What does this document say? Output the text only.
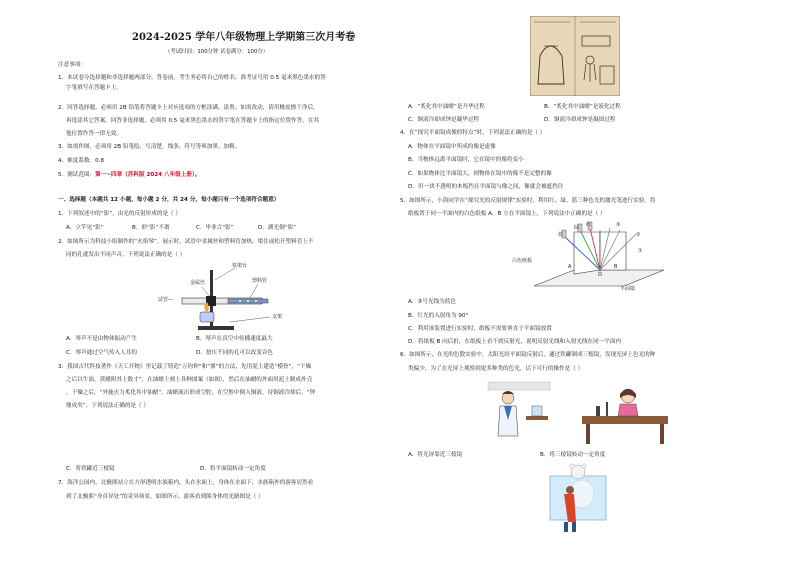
2024-2025 学年八年级物理上学期第三次月考卷
（考试时间：100分钟 试卷满分：100分）
注意事项：
1．本试卷分选择题和非选择题两部分。答卷前，考生务必将自己的姓名、准考证号用 0.5 毫米黑色墨水的签
字笔填写在答题卡上。
2．回答选择题，必须用 2B 铅笔将答题卡上对应选项的方框涂满、涂黑；如需改动，请用橡皮擦干净后，
再选涂其它答案。回答非选择题，必须用 0.5 毫米黑色墨水的签字笔在答题卡上的指定位置作答，在其
他位置作答一律无效。
3．如需作图，必须用 2B 铅笔绘、写清楚，线条、符号等须加黑、加粗。
4．难度系数：0.8
5．测试范围：第一~四章（苏科版 2024 八年级上册）。
一、选择题（本题共 12 小题，每小题 2 分，共 24 分，每小题只有一个选项符合题意）
1．下列叙述中的“影”，由光的反射形成的是（ ）
A．立竿见“影”	B．形“影”不离	C．毕业合“影”	D．湖光倒“影”
2．如图所示为科技小组制作的“火焰琴”。展示时，试管中金属丝和塑料管加热，堵住或松开塑料管上不
同的孔就发出不同声音。下列说法正确的是（ ）
铁架台
金属丝	塑料管
试管—
支架
A．琴声不是由物体振动产生	B．琴声在真空中传播速度最大
C．琴声通过空气传入人耳的	D．按压不同的孔可以改变音色
3．我国古代科技著作《天工开物》里记载了铸造“万钧钟”和“鼎”的方法，先用泥土建造“模骨”，“干燥
之后以牛油、黄蜡附其上数寸”，在油蜡上刻上各种图案（如图），然后在油蜡的外面用泥土制成外壳
。干燥之后，“外施火力炙化其中油蜡”，油蜡流出形成空腔，在空腔中倒入铜液，待铜液冷却后，“钟
鼎成矣”。下列说法正确的是（ ）
C．将铁罐近三棱镜	D．将平面镜转动一定角度
7．海洋公园内，北极熊站立在方形透明水族箱内，头在水面上，身体在水面下，水族箱外的游客居然看
到了北极熊“身首异处”的奇异场景，如图所示。游客看到熊身体的光路图是（ ）
A．“炙化其中油蜡”是升华过程	B．“炙化其中油蜡”是液化过程
C．铜液冷却成钟是凝华过程	D．铜液冷却成钟是凝固过程
4．在“探究平面镜成像的特点”时，下列说法正确的是（ ）
A．物体在平面镜中所成的像是虚像
B．当物体远离平面镜时，它在镜中的像将变小
C．如果物体比平面镜大，则物体在镜中的像不是完整的像
D．用一块不透明的木板挡在平面镜与像之间，像就会被遮挡住
5．如图所示，小海同学在“探究光的反射规律”实验时，利用红、绿、蓝三种色光的激光笔进行实验，将
纸板置于同一平面内的白色纸板 A、B 立在平面镜上，下列说法中正确的是（ ）
蓝
绿 红	③
②
①
白色纸板
A	B
O
平面镜
A．③号光线为蓝色
B．红光的入射角为 90°
C．利用该装置进行实验时，纸板不需要垂直于平面镜放置
D．将纸板 B 向后折，在纸板上看不到反射光，说明反射光线和入射光线在同一平面内
6．如图所示，在光的色散实验中，太阳光经平面镜反射后，通过铁罐制成三棱镜，发现光屏上色光的种
类偏少，为了在光屏上观察到更多种类的色光，以下可行的操作是（ ）
A．将光屏靠近三棱镜	B．将三棱镜转动一定角度
